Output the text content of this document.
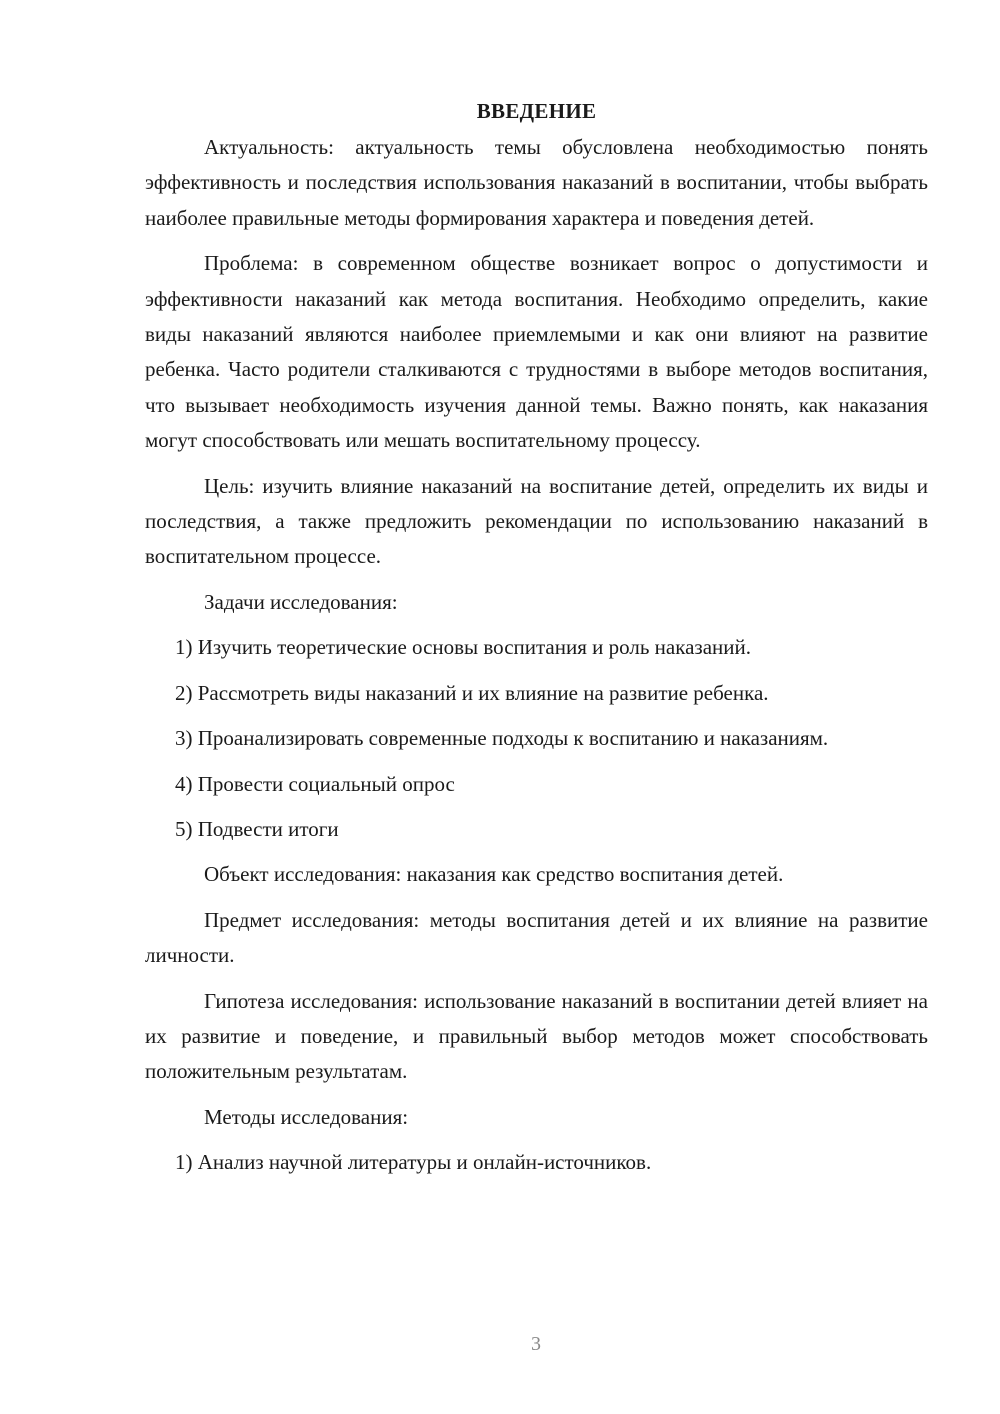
ВВЕДЕНИЕ

Актуальность: актуальность темы обусловлена необходимостью понять эффективность и последствия использования наказаний в воспитании, чтобы выбрать наиболее правильные методы формирования характера и поведения детей.

Проблема: в современном обществе возникает вопрос о допустимости и эффективности наказаний как метода воспитания. Необходимо определить, какие виды наказаний являются наиболее приемлемыми и как они влияют на развитие ребенка. Часто родители сталкиваются с трудностями в выборе методов воспитания, что вызывает необходимость изучения данной темы. Важно понять, как наказания могут способствовать или мешать воспитательному процессу.

Цель: изучить влияние наказаний на воспитание детей, определить их виды и последствия, а также предложить рекомендации по использованию наказаний в воспитательном процессе.

Задачи исследования:

1) Изучить теоретические основы воспитания и роль наказаний.

2) Рассмотреть виды наказаний и их влияние на развитие ребенка.

3) Проанализировать современные подходы к воспитанию и наказаниям.

4) Провести социальный опрос

5) Подвести итоги

Объект исследования: наказания как средство воспитания детей.

Предмет исследования: методы воспитания детей и их влияние на развитие личности.

Гипотеза исследования: использование наказаний в воспитании детей влияет на их развитие и поведение, и правильный выбор методов может способствовать положительным результатам.

Методы исследования:

1) Анализ научной литературы и онлайн-источников.

3
